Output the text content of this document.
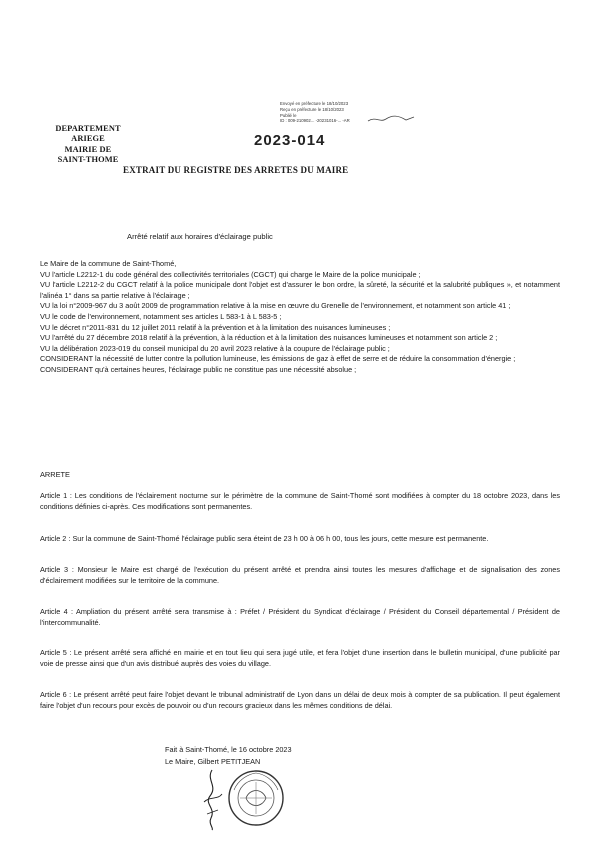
DEPARTEMENT
ARIEGE
MAIRIE DE
SAINT-THOME
Envoyé en préfecture le 18/10/2023
Reçu en préfecture le 18/10/2023
Publié le
ID : 009-210902... -20231016-... -AR
2023-014
EXTRAIT DU REGISTRE DES ARRETES DU MAIRE
Arrêté relatif aux horaires d'éclairage public

Le Maire de la commune de Saint-Thomé,

VU l'article L2212-1 du code général des collectivités territoriales (CGCT) qui charge le Maire de la police municipale ;

VU l'article L2212-2 du CGCT relatif à la police municipale dont l'objet est d'assurer le bon ordre, la sûreté, la sécurité et la salubrité publiques », et notamment l'alinéa 1° dans sa partie relative à l'éclairage ;

VU la loi n°2009-967 du 3 août 2009 de programmation relative à la mise en œuvre du Grenelle de l'environnement, et notamment son article 41 ;

VU le code de l'environnement, notamment ses articles L 583-1 à L 583-5 ;

VU le décret n°2011-831 du 12 juillet 2011 relatif à la prévention et à la limitation des nuisances lumineuses ;

VU l'arrêté du 27 décembre 2018 relatif à la prévention, à la réduction et à la limitation des nuisances lumineuses et notamment son article 2 ;

VU la délibération 2023-019 du conseil municipal du 20 avril 2023 relative à la coupure de l'éclairage public ;

CONSIDERANT la nécessité de lutter contre la pollution lumineuse, les émissions de gaz à effet de serre et de réduire la consommation d'énergie ;

CONSIDERANT qu'à certaines heures, l'éclairage public ne constitue pas une nécessité absolue ;

ARRETE
Article 1 : Les conditions de l'éclairement nocturne sur le périmètre de la commune de Saint-Thomé sont modifiées à compter du 18 octobre 2023, dans les conditions définies ci-après. Ces modifications sont permanentes.
Article 2 : Sur la commune de Saint-Thomé l'éclairage public sera éteint de 23 h 00 à 06 h 00, tous les jours, cette mesure est permanente.
Article 3 : Monsieur le Maire est chargé de l'exécution du présent arrêté et prendra ainsi toutes les mesures d'affichage et de signalisation des zones d'éclairement modifiées sur le territoire de la commune.
Article 4 : Ampliation du présent arrêté sera transmise à : Préfet / Président du Syndicat d'éclairage / Président du Conseil départemental / Président de l'intercommunalité.
Article 5 : Le présent arrêté sera affiché en mairie et en tout lieu qui sera jugé utile, et fera l'objet d'une insertion dans le bulletin municipal, d'une publicité par voie de presse ainsi que d'un avis distribué auprès des voies du village.
Article 6 : Le présent arrêté peut faire l'objet devant le tribunal administratif de Lyon dans un délai de deux mois à compter de sa publication. Il peut également faire l'objet d'un recours pour excès de pouvoir ou d'un recours gracieux dans les mêmes conditions de délai.
Fait à Saint-Thomé, le 16 octobre 2023
Le Maire, Gilbert PETITJEAN
